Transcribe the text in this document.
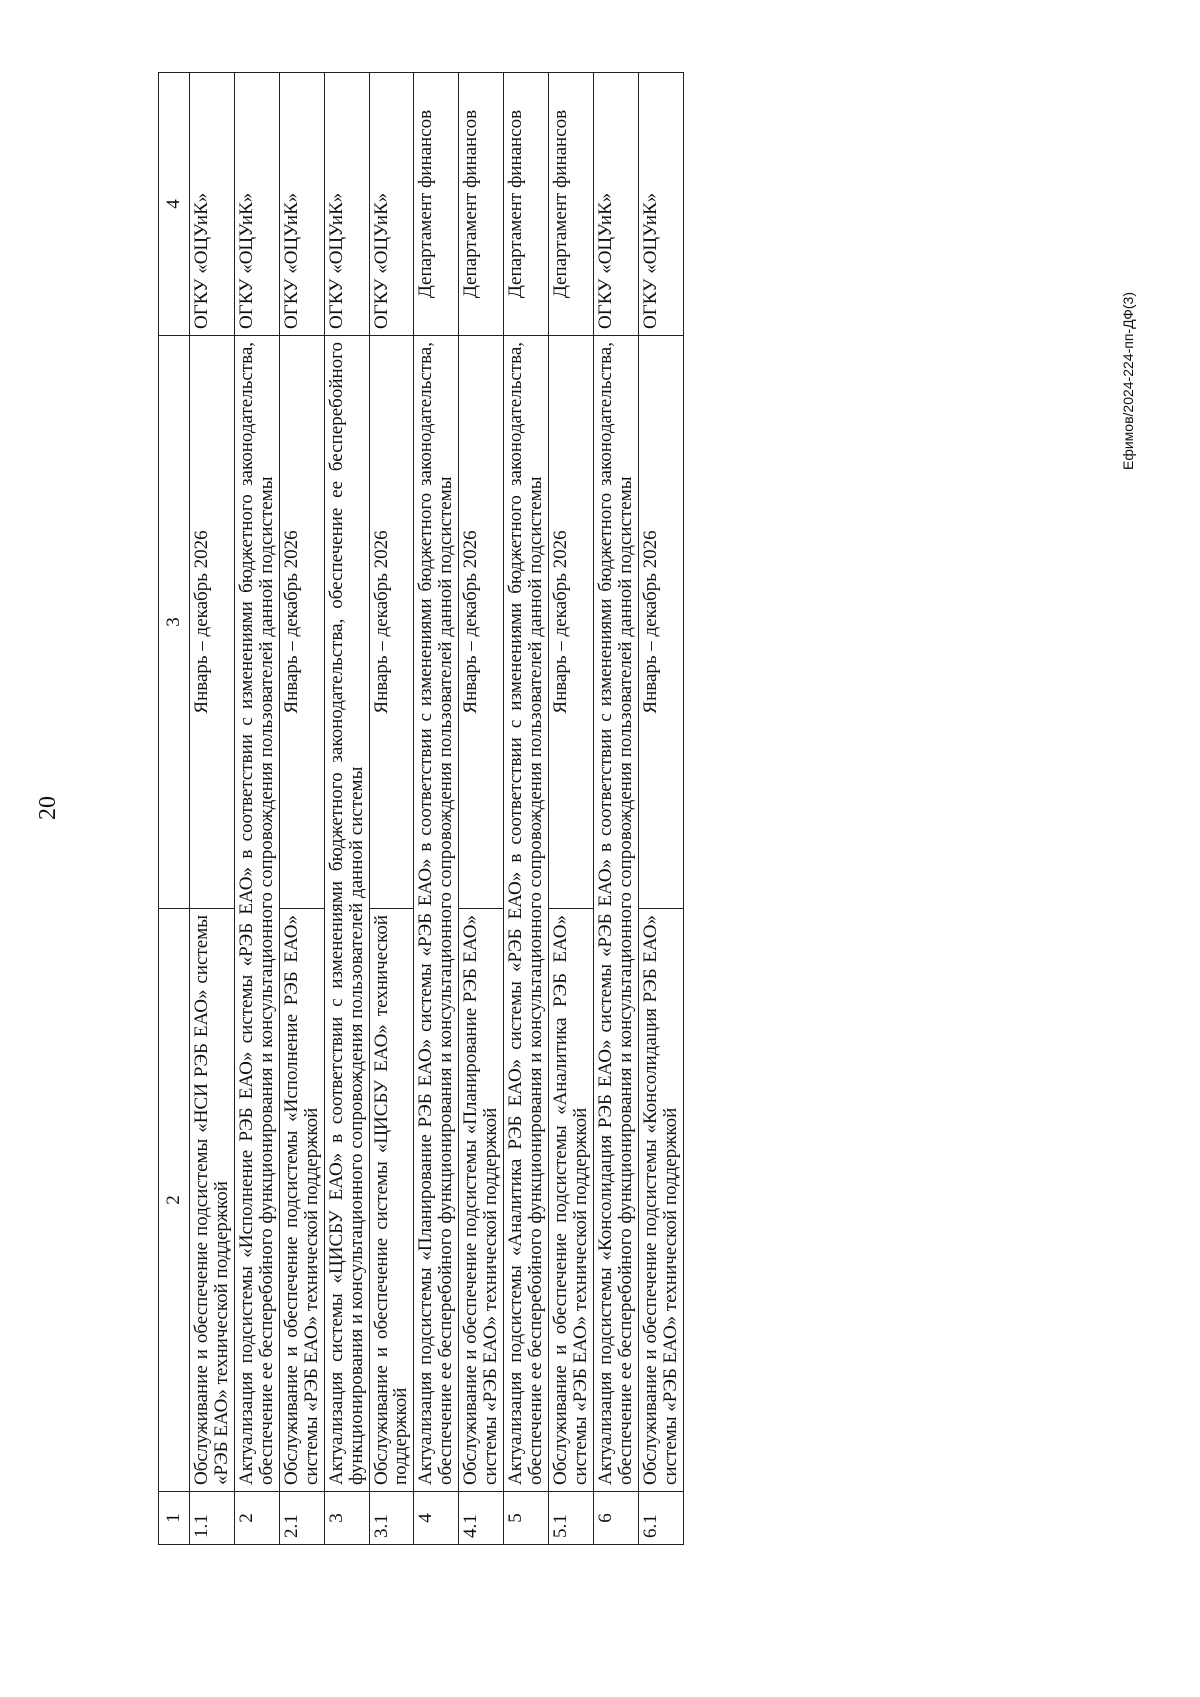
20
Ефимов/2024-224-пп-ДФ(3)
1	2	3	4
1.1	Обслуживание и обеспечение подсистемы «НСИ РЭБ ЕАО» системы «РЭБ ЕАО» технической поддержкой	Январь – декабрь 2026	ОГКУ «ОЦУиК»
2	Актуализация подсистемы «Исполнение РЭБ ЕАО» системы «РЭБ ЕАО» в соответствии с изменениями бюджетного законодательства, обеспечение ее бесперебойного функционирования и консультационного сопровождения пользователей данной подсистемы		ОГКУ «ОЦУиК»
2.1	Обслуживание и обеспечение подсистемы «Исполнение РЭБ ЕАО» системы «РЭБ ЕАО» технической поддержкой	Январь – декабрь 2026	ОГКУ «ОЦУиК»
3	Актуализация системы «ЦИСБУ ЕАО» в соответствии с изменениями бюджетного законодательства, обеспечение ее бесперебойного функционирования и консультационного сопровождения пользователей данной системы		ОГКУ «ОЦУиК»
3.1	Обслуживание и обеспечение системы «ЦИСБУ ЕАО» технической поддержкой	Январь – декабрь 2026	ОГКУ «ОЦУиК»
4	Актуализация подсистемы «Планирование РЭБ ЕАО» системы «РЭБ ЕАО» в соответствии с изменениями бюджетного законодательства, обеспечение ее бесперебойного функционирования и консультационного сопровождения пользователей данной подсистемы		Департамент финансов
4.1	Обслуживание и обеспечение подсистемы «Планирование РЭБ ЕАО» системы «РЭБ ЕАО» технической поддержкой	Январь – декабрь 2026	Департамент финансов
5	Актуализация подсистемы «Аналитика РЭБ ЕАО» системы «РЭБ ЕАО» в соответствии с изменениями бюджетного законодательства, обеспечение ее бесперебойного функционирования и консультационного сопровождения пользователей данной подсистемы		Департамент финансов
5.1	Обслуживание и обеспечение подсистемы «Аналитика РЭБ ЕАО» системы «РЭБ ЕАО» технической поддержкой	Январь – декабрь 2026	Департамент финансов
6	Актуализация подсистемы «Консолидация РЭБ ЕАО» системы «РЭБ ЕАО» в соответствии с изменениями бюджетного законодательства, обеспечение ее бесперебойного функционирования и консультационного сопровождения пользователей данной подсистемы		ОГКУ «ОЦУиК»
6.1	Обслуживание и обеспечение подсистемы «Консолидация РЭБ ЕАО» системы «РЭБ ЕАО» технической поддержкой	Январь – декабрь 2026	ОГКУ «ОЦУиК»
